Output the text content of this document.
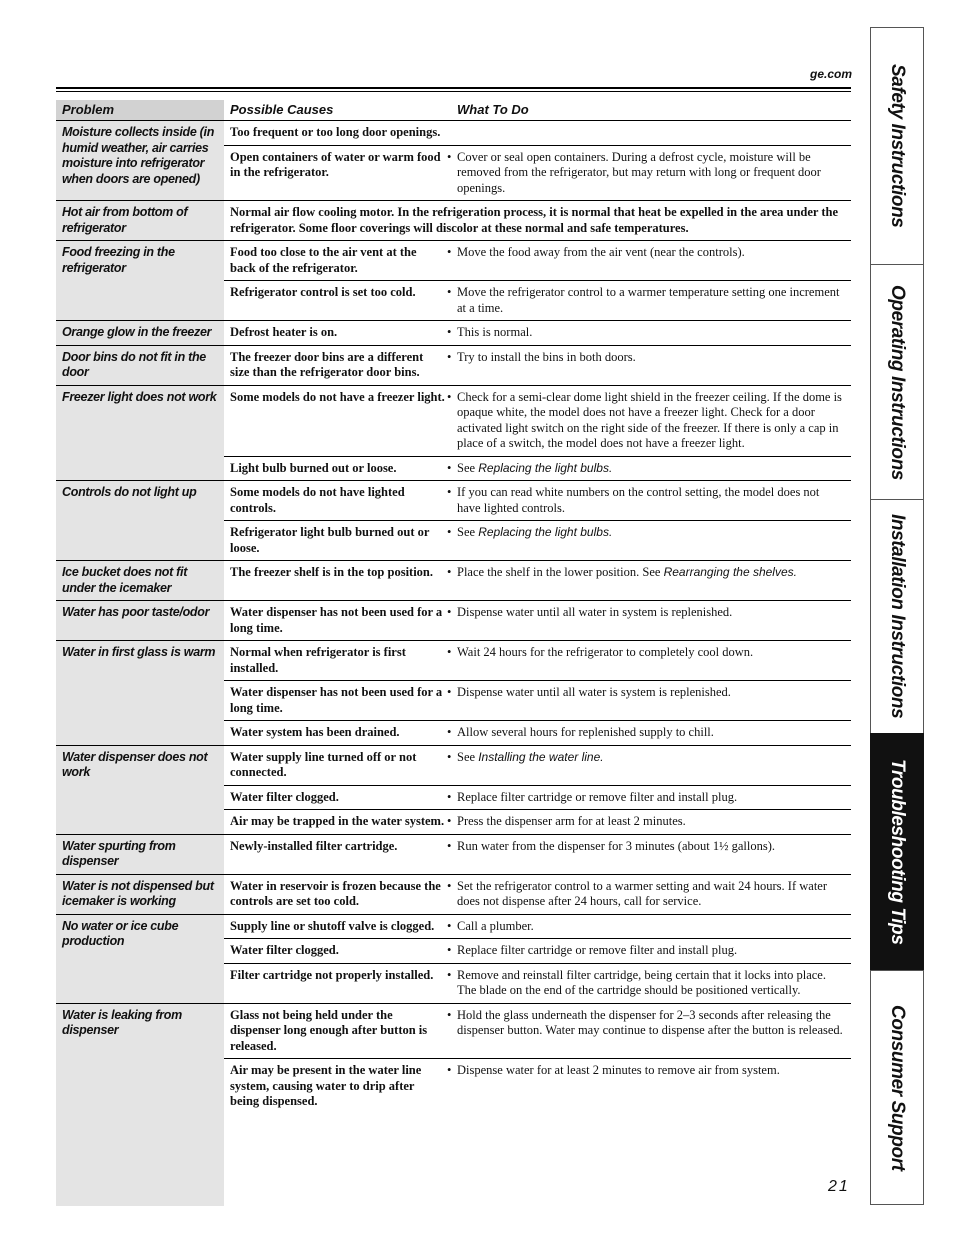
ge.com
Problem	Possible Causes	What To Do
Moisture collects inside (in humid weather, air carries moisture into refrigerator when doors are opened)	Too frequent or too long door openings.	
	Open containers of water or warm food in the refrigerator.	• Cover or seal open containers. During a defrost cycle, moisture will be removed from the refrigerator, but may return with long or frequent door openings.
Hot air from bottom of refrigerator	Normal air flow cooling motor. In the refrigeration process, it is normal that heat be expelled in the area under the refrigerator. Some floor coverings will discolor at these normal and safe temperatures.	
Food freezing in the refrigerator	Food too close to the air vent at the back of the refrigerator.	• Move the food away from the air vent (near the controls).
	Refrigerator control is set too cold.	• Move the refrigerator control to a warmer temperature setting one increment at a time.
Orange glow in the freezer	Defrost heater is on.	• This is normal.
Door bins do not fit in the door	The freezer door bins are a different size than the refrigerator door bins.	• Try to install the bins in both doors.
Freezer light does not work	Some models do not have a freezer light.	• Check for a semi-clear dome light shield in the freezer ceiling. If the dome is opaque white, the model does not have a freezer light. Check for a door activated light switch on the right side of the freezer. If there is only a cap in place of a switch, the model does not have a freezer light.
	Light bulb burned out or loose.	• See Replacing the light bulbs.
Controls do not light up	Some models do not have lighted controls.	• If you can read white numbers on the control setting, the model does not have lighted controls.
	Refrigerator light bulb burned out or loose.	• See Replacing the light bulbs.
Ice bucket does not fit under the icemaker	The freezer shelf is in the top position.	• Place the shelf in the lower position. See Rearranging the shelves.
Water has poor taste/odor	Water dispenser has not been used for a long time.	• Dispense water until all water in system is replenished.
Water in first glass is warm	Normal when refrigerator is first installed.	• Wait 24 hours for the refrigerator to completely cool down.
	Water dispenser has not been used for a long time.	• Dispense water until all water is system is replenished.
	Water system has been drained.	• Allow several hours for replenished supply to chill.
Water dispenser does not work	Water supply line turned off or not connected.	• See Installing the water line.
	Water filter clogged.	• Replace filter cartridge or remove filter and install plug.
	Air may be trapped in the water system.	• Press the dispenser arm for at least 2 minutes.
Water spurting from dispenser	Newly-installed filter cartridge.	• Run water from the dispenser for 3 minutes (about 1½ gallons).
Water is not dispensed but icemaker is working	Water in reservoir is frozen because the controls are set too cold.	• Set the refrigerator control to a warmer setting and wait 24 hours. If water does not dispense after 24 hours, call for service.
No water or ice cube production	Supply line or shutoff valve is clogged.	• Call a plumber.
	Water filter clogged.	• Replace filter cartridge or remove filter and install plug.
	Filter cartridge not properly installed.	• Remove and reinstall filter cartridge, being certain that it locks into place. The blade on the end of the cartridge should be positioned vertically.
Water is leaking from dispenser	Glass not being held under the dispenser long enough after button is released.	• Hold the glass underneath the dispenser for 2–3 seconds after releasing the dispenser button. Water may continue to dispense after the button is released.
	Air may be present in the water line system, causing water to drip after being dispensed.	• Dispense water for at least 2 minutes to remove air from system.
21
Safety Instructions
Operating Instructions
Installation Instructions
Troubleshooting Tips
Consumer Support
